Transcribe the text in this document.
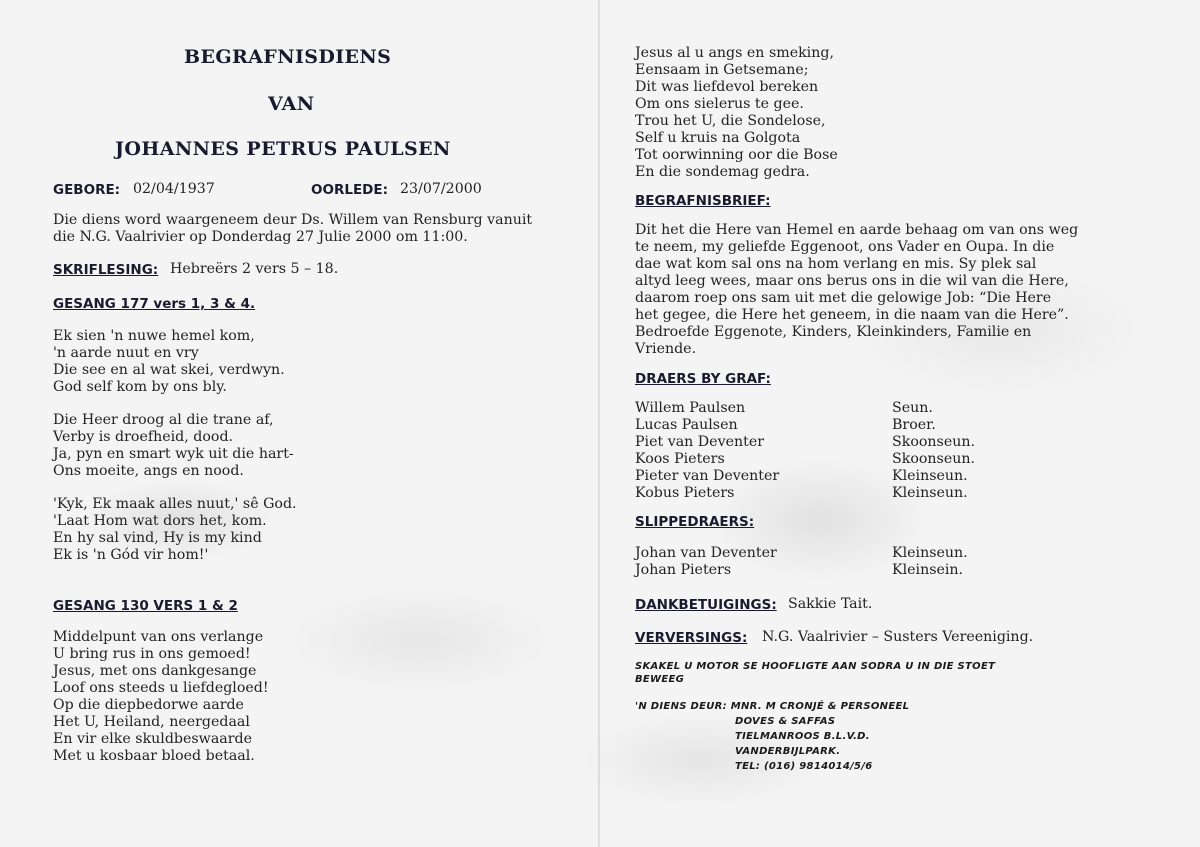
BEGRAFNISDIENS
VAN
JOHANNES PETRUS PAULSEN
GEBORE: 02/04/1937	OORLEDE: 23/07/2000
Die diens word waargeneem deur Ds. Willem van Rensburg vanuit
die N.G. Vaalrivier op Donderdag 27 Julie 2000 om 11:00.
SKRIFLESING: Hebreërs 2 vers 5 – 18.
GESANG 177 vers 1, 3 & 4.
Ek sien 'n nuwe hemel kom,
'n aarde nuut en vry
Die see en al wat skei, verdwyn.
God self kom by ons bly.
Die Heer droog al die trane af,
Verby is droefheid, dood.
Ja, pyn en smart wyk uit die hart-
Ons moeite, angs en nood.
'Kyk, Ek maak alles nuut,' sê God.
'Laat Hom wat dors het, kom.
En hy sal vind, Hy is my kind
Ek is 'n Gód vir hom!'
GESANG 130 VERS 1 & 2
Middelpunt van ons verlange
U bring rus in ons gemoed!
Jesus, met ons dankgesange
Loof ons steeds u liefdegloed!
Op die diepbedorwe aarde
Het U, Heiland, neergedaal
En vir elke skuldbeswaarde
Met u kosbaar bloed betaal.
Jesus al u angs en smeking,
Eensaam in Getsemane;
Dit was liefdevol bereken
Om ons sielerus te gee.
Trou het U, die Sondelose,
Self u kruis na Golgota
Tot oorwinning oor die Bose
En die sondemag gedra.
BEGRAFNISBRIEF:
Dit het die Here van Hemel en aarde behaag om van ons weg
te neem, my geliefde Eggenoot, ons Vader en Oupa. In die
dae wat kom sal ons na hom verlang en mis. Sy plek sal
altyd leeg wees, maar ons berus ons in die wil van die Here,
daarom roep ons sam uit met die gelowige Job: “Die Here
het gegee, die Here het geneem, in die naam van die Here”.
Bedroefde Eggenote, Kinders, Kleinkinders, Familie en
Vriende.
DRAERS BY GRAF:
Willem Paulsen
Lucas Paulsen
Piet van Deventer
Koos Pieters
Pieter van Deventer
Kobus Pieters
Seun.
Broer.
Skoonseun.
Skoonseun.
Kleinseun.
Kleinseun.
SLIPPEDRAERS:
Johan van Deventer
Johan Pieters
Kleinseun.
Kleinsein.
DANKBETUIGINGS: Sakkie Tait.
VERVERSINGS: N.G. Vaalrivier – Susters Vereeniging.
SKAKEL U MOTOR SE HOOFLIGTE AAN SODRA U IN DIE STOET
BEWEEG
'N DIENS DEUR: MNR. M CRONJÉ & PERSONEEL
DOVES & SAFFAS
TIELMANROOS B.L.V.D.
VANDERBIJLPARK.
TEL: (016) 9814014/5/6
